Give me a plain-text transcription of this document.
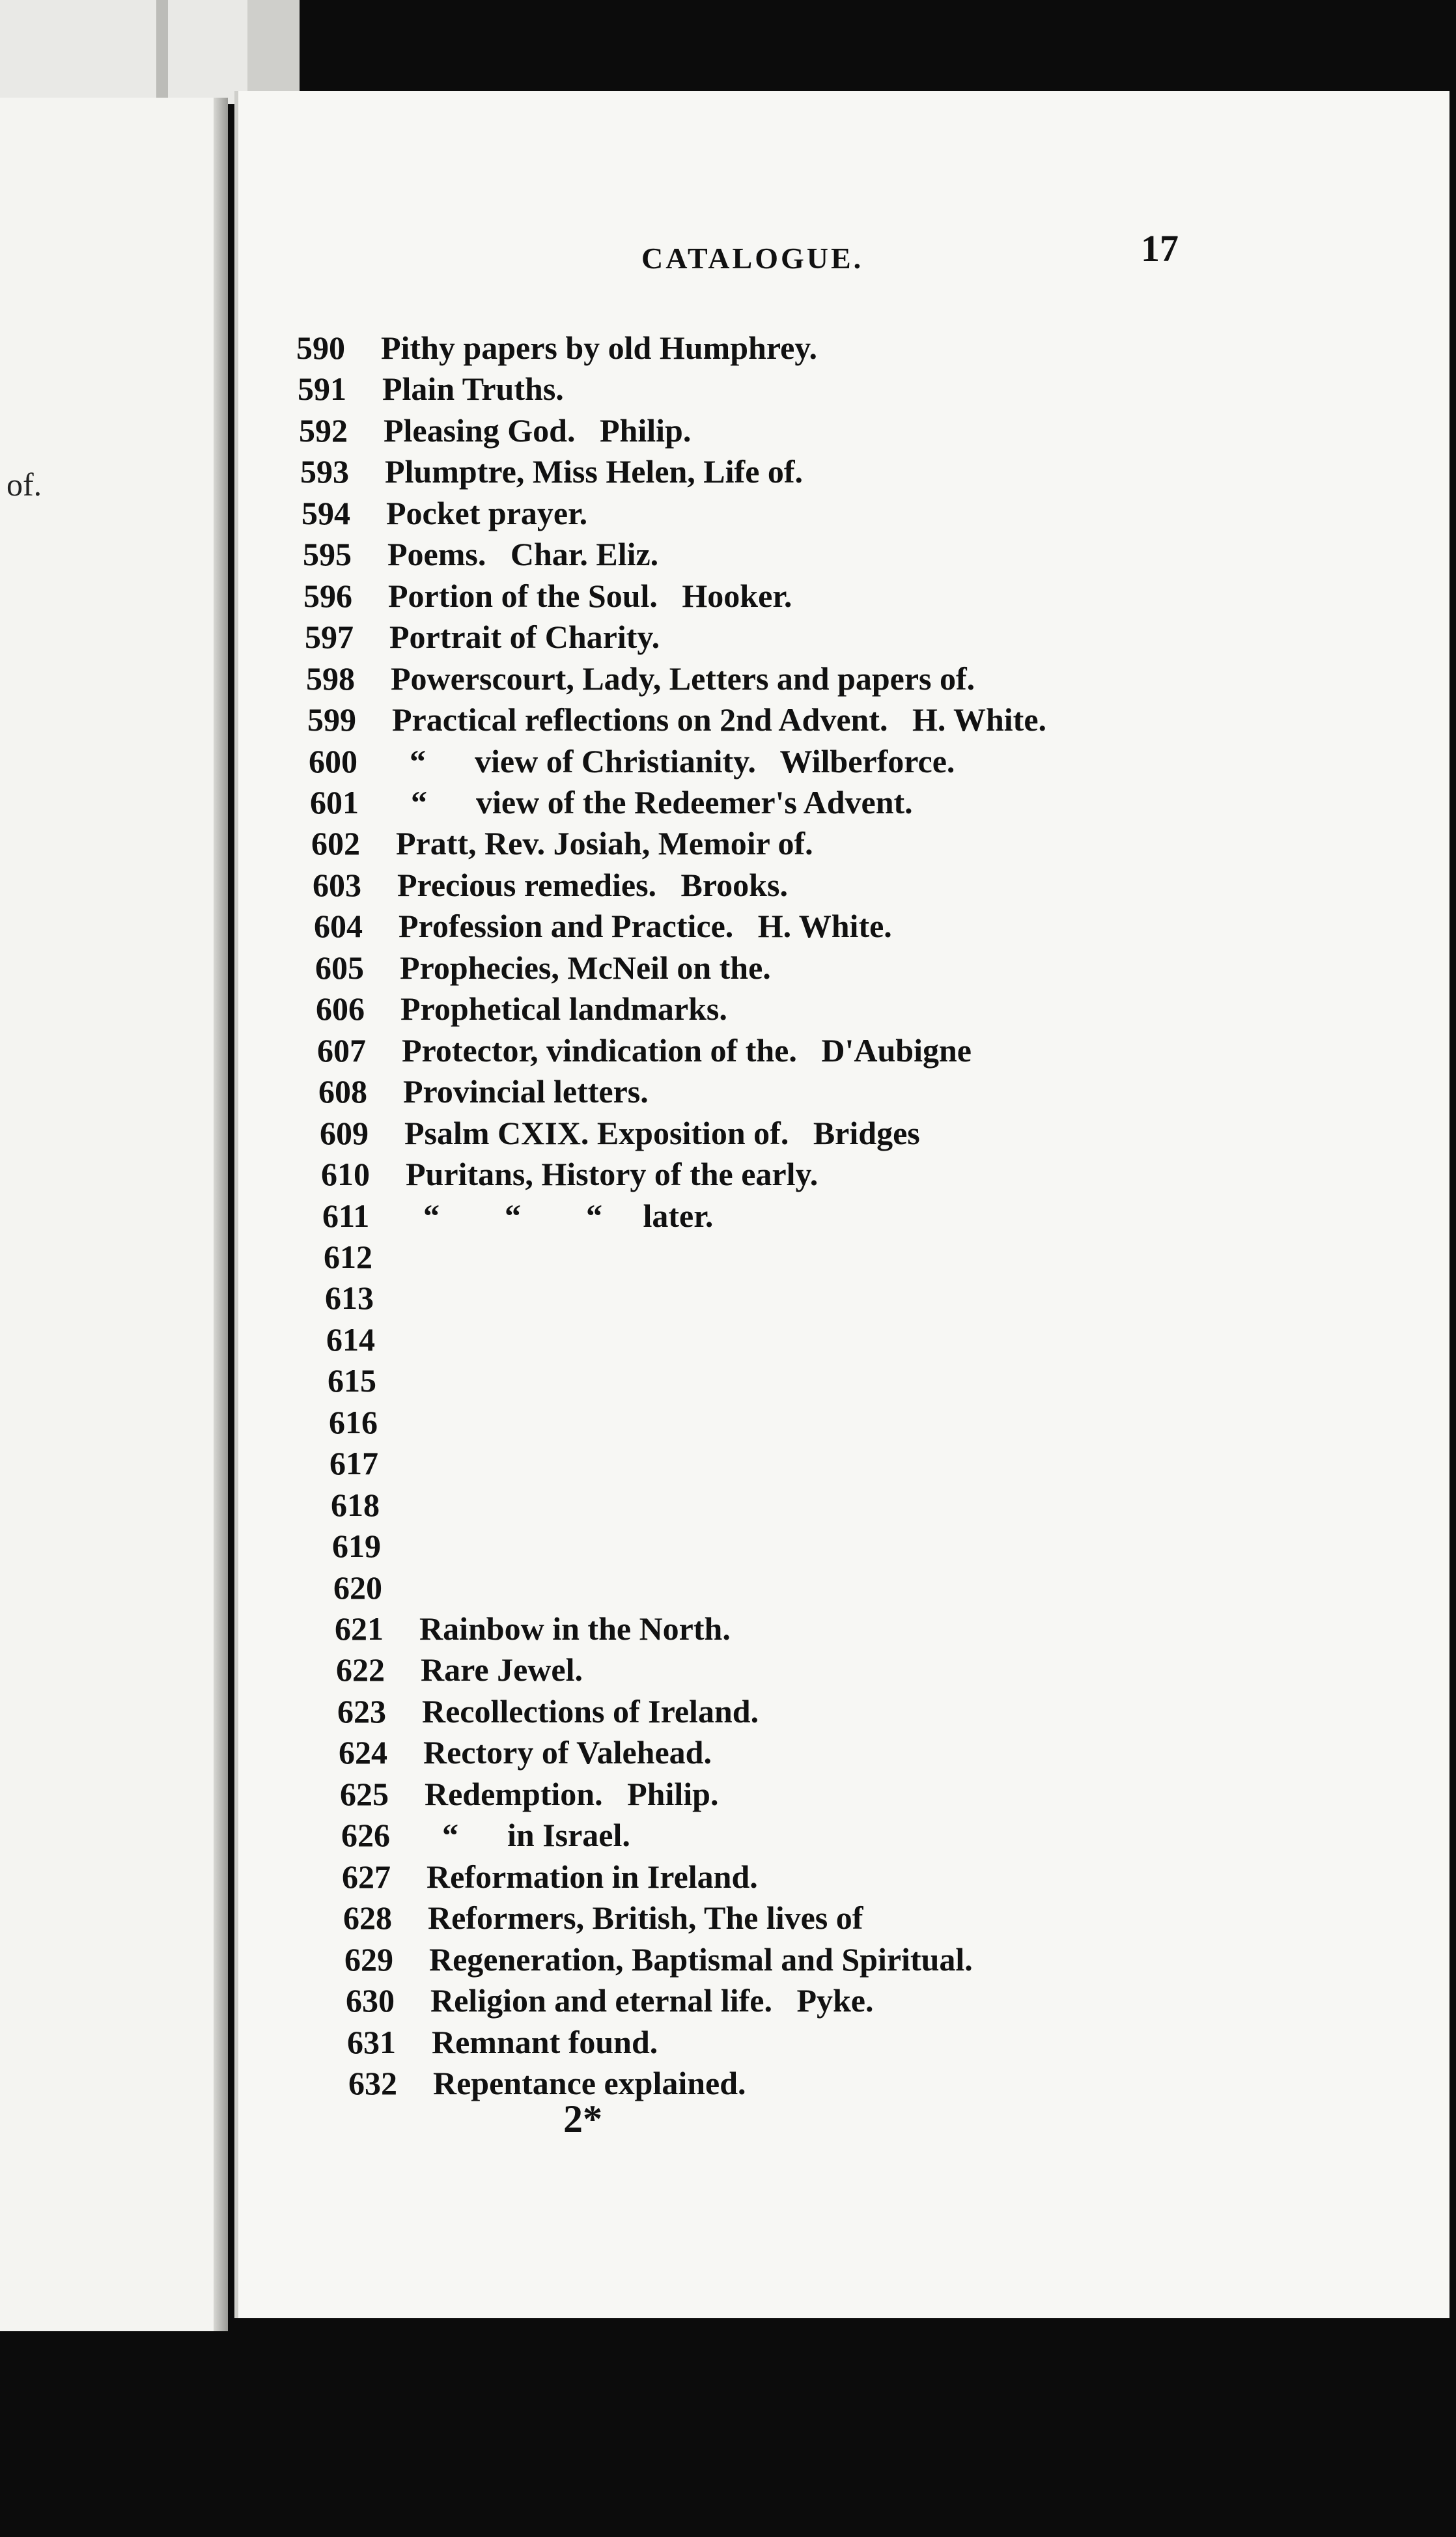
of.
CATALOGUE.	17
590 Pithy papers by old Humphrey.
591 Plain Truths.
592 Pleasing God.   Philip.
593 Plumptre, Miss Helen, Life of.
594 Pocket prayer.
595 Poems.   Char. Eliz.
596 Portion of the Soul.   Hooker.
597 Portrait of Charity.
598 Powerscourt, Lady, Letters and papers of.
599 Practical reflections on 2nd Advent.   H. White.
600  “      view of Christianity.   Wilberforce.
601  “      view of the Redeemer's Advent.
602 Pratt, Rev. Josiah, Memoir of.
603 Precious remedies.   Brooks.
604 Profession and Practice.   H. White.
605 Prophecies, McNeil on the.
606 Prophetical landmarks.
607 Protector, vindication of the.   D'Aubigne
608 Provincial letters.
609 Psalm CXIX. Exposition of.   Bridges
610 Puritans, History of the early.
611  “        “        “     later.
612
613
614
615
616
617
618
619
620
621 Rainbow in the North.
622 Rare Jewel.
623 Recollections of Ireland.
624 Rectory of Valehead.
625 Redemption.   Philip.
626  “      in Israel.
627 Reformation in Ireland.
628 Reformers, British, The lives of
629 Regeneration, Baptismal and Spiritual.
630 Religion and eternal life.   Pyke.
631 Remnant found.
632 Repentance explained.
2*
